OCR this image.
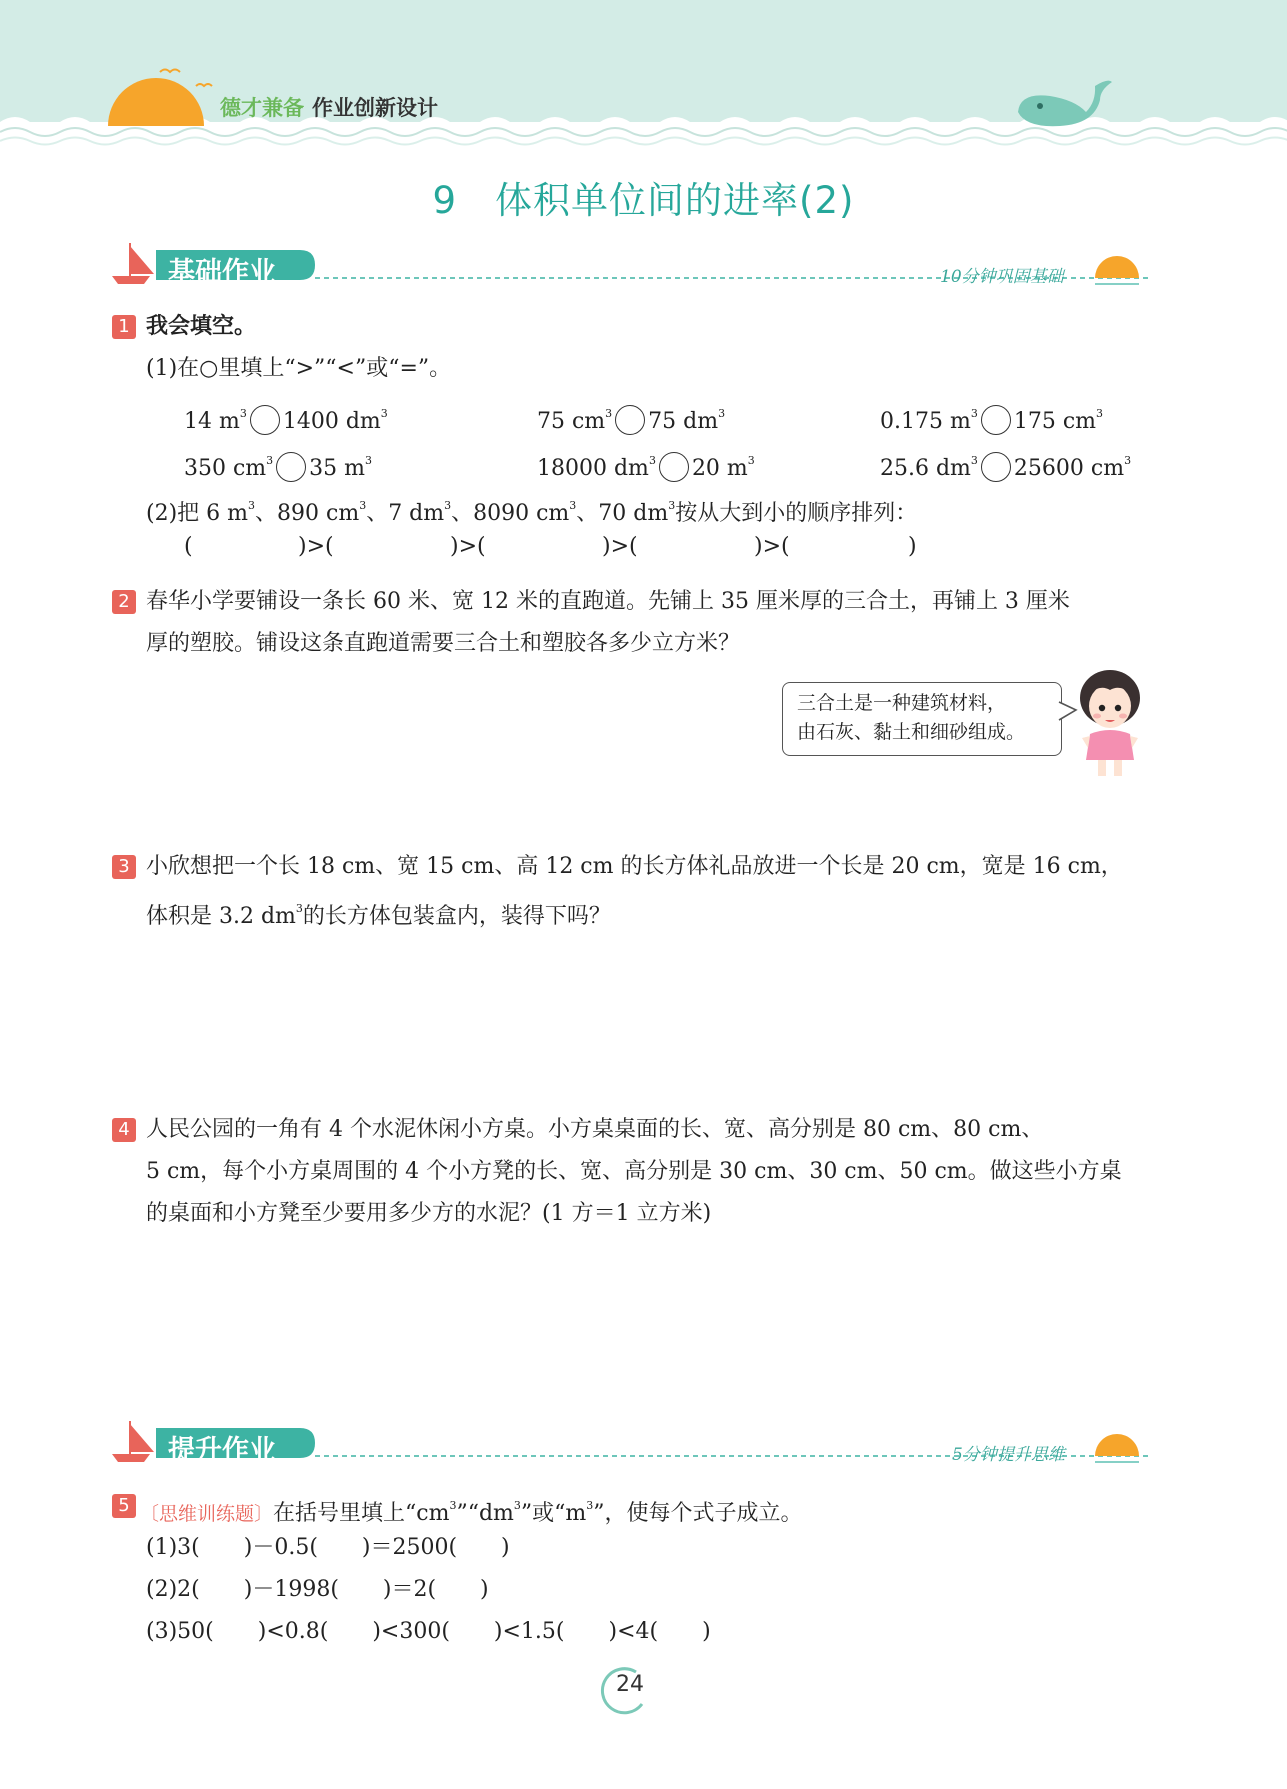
德才兼备 作业创新设计
9　体积单位间的进率(2)
基础作业	10分钟巩固基础
1 我会填空。
(1)在○里填上“>”“<”或“=”。
14 $m^3$ 1400 $dm^3$	75 $cm^3$ 75 $dm^3$	0.175 $m^3$ 175 $cm^3$
350 $cm^3$ 35 $m^3$	18000 $dm^3$ 20 $m^3$	25.6 $dm^3$ 25600 $cm^3$
(2)把 6 $m^3$、890 $cm^3$、7 $dm^3$、8090 $cm^3$、70 $dm^3$按从大到小的顺序排列：
(	)>(	)>(	)>(	)>(	)
2 春华小学要铺设一条长 60 米、宽 12 米的直跑道。先铺上 35 厘米厚的三合土，再铺上 3 厘米
厚的塑胶。铺设这条直跑道需要三合土和塑胶各多少立方米？
三合土是一种建筑材料，
由石灰、黏土和细砂组成。
3 小欣想把一个长 18 cm、宽 15 cm、高 12 cm 的长方体礼品放进一个长是 20 cm，宽是 16 cm，
体积是 3.2 $dm^3$的长方体包装盒内，装得下吗？
4 人民公园的一角有 4 个水泥休闲小方桌。小方桌桌面的长、宽、高分别是 80 cm、80 cm、
5 cm，每个小方桌周围的 4 个小方凳的长、宽、高分别是 30 cm、30 cm、50 cm。做这些小方桌
的桌面和小方凳至少要用多少方的水泥？(1 方＝1 立方米)
提升作业	5分钟提升思维
5 〔思维训练题〕在括号里填上“$cm^3”“dm^3$”或“$m^3$”，使每个式子成立。
(1)3(　　)－0.5(　　)＝2500(　　)
(2)2(　　)－1998(　　)＝2(　　)
(3)50(　　)<0.8(　　)<300(　　)<1.5(　　)<4(　　)
24
